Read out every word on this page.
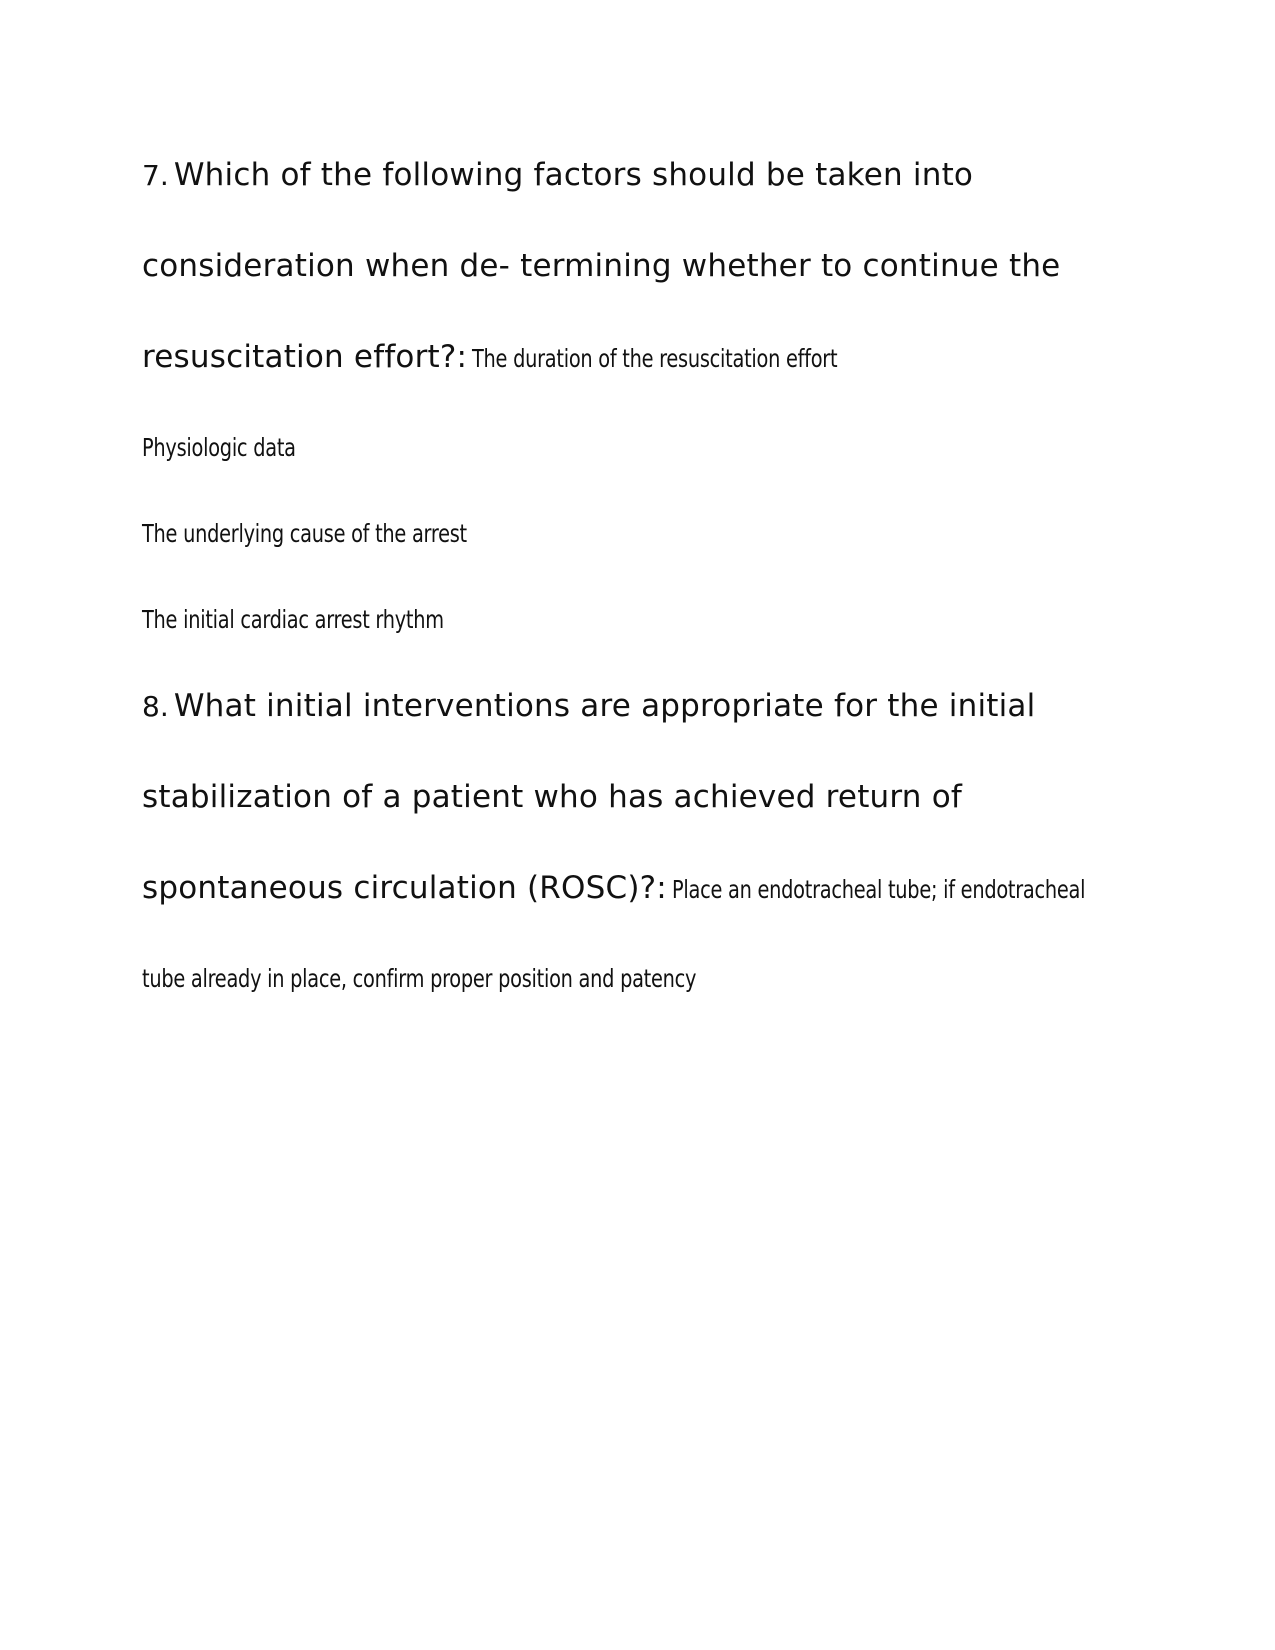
7. Which of the following factors should be taken into
consideration when de- termining whether to continue the
resuscitation effort?: The duration of the resuscitation effort
Physiologic data
The underlying cause of the arrest
The initial cardiac arrest rhythm
8. What initial interventions are appropriate for the initial
stabilization of a patient who has achieved return of
spontaneous circulation (ROSC)?: Place an endotracheal tube; if endotracheal
tube already in place, confirm proper position and patency
